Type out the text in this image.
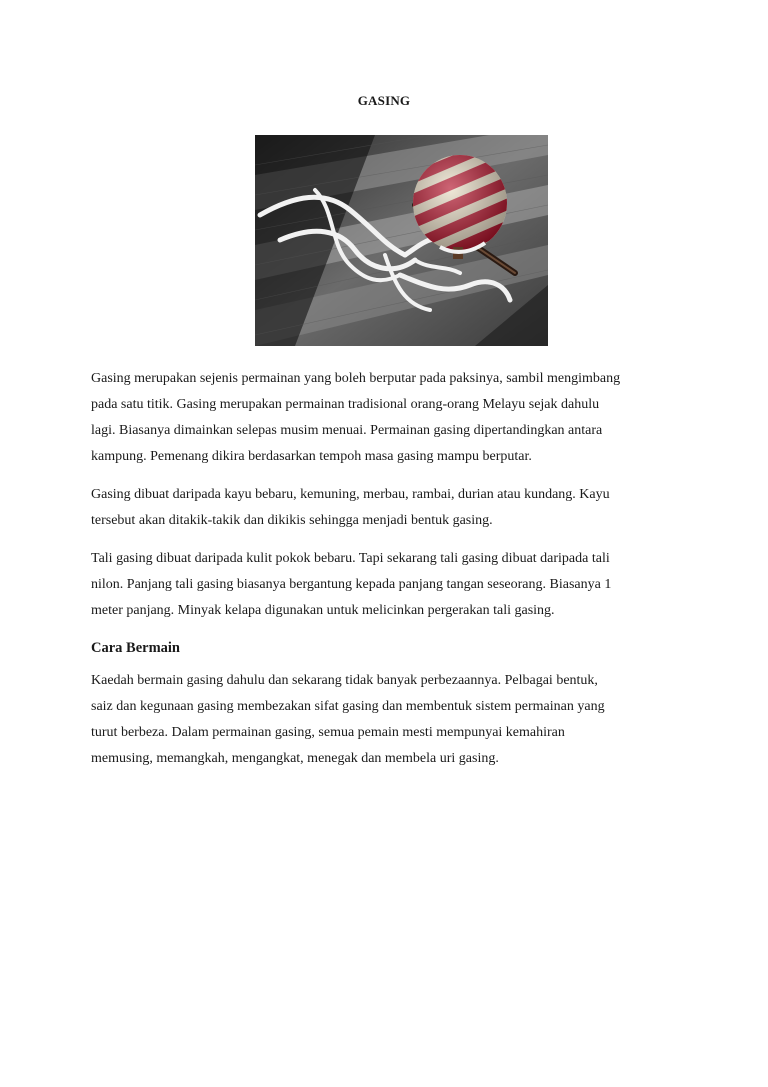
GASING

Gasing merupakan sejenis permainan yang boleh berputar pada paksinya, sambil mengimbang
pada satu titik. Gasing merupakan permainan tradisional orang-orang Melayu sejak dahulu
lagi. Biasanya dimainkan selepas musim menuai. Permainan gasing dipertandingkan antara
kampung. Pemenang dikira berdasarkan tempoh masa gasing mampu berputar.

Gasing dibuat daripada kayu bebaru, kemuning, merbau, rambai, durian atau kundang. Kayu
tersebut akan ditakik-takik dan dikikis sehingga menjadi bentuk gasing.

Tali gasing dibuat daripada kulit pokok bebaru. Tapi sekarang tali gasing dibuat daripada tali
nilon. Panjang tali gasing biasanya bergantung kepada panjang tangan seseorang. Biasanya 1
meter panjang. Minyak kelapa digunakan untuk melicinkan pergerakan tali gasing.

Cara Bermain

Kaedah bermain gasing dahulu dan sekarang tidak banyak perbezaannya. Pelbagai bentuk,
saiz dan kegunaan gasing membezakan sifat gasing dan membentuk sistem permainan yang
turut berbeza. Dalam permainan gasing, semua pemain mesti mempunyai kemahiran
memusing, memangkah, mengangkat, menegak dan membela uri gasing.
